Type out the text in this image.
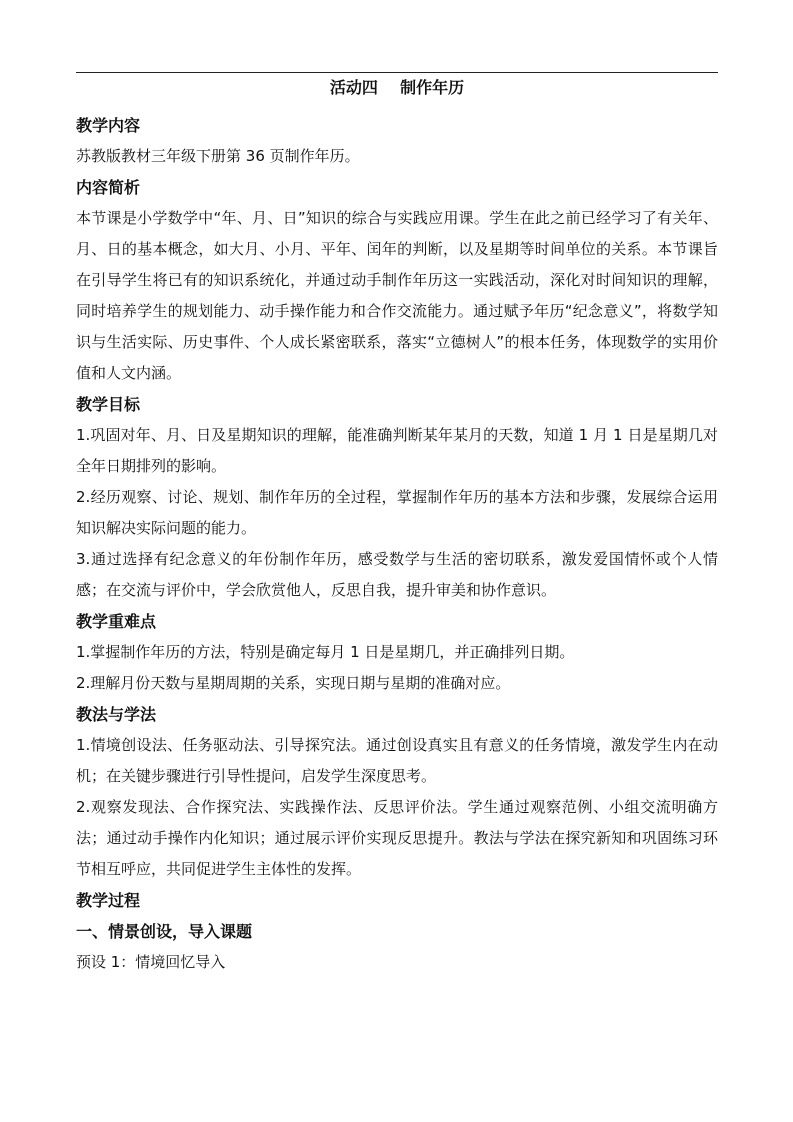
活动四    制作年历
教学内容

苏教版教材三年级下册第 36 页制作年历。

内容简析

本节课是小学数学中“年、月、日”知识的综合与实践应用课。学生在此之前已经学习了有关年、月、日的基本概念，如大月、小月、平年、闰年的判断，以及星期等时间单位的关系。本节课旨在引导学生将已有的知识系统化，并通过动手制作年历这一实践活动，深化对时间知识的理解，同时培养学生的规划能力、动手操作能力和合作交流能力。通过赋予年历“纪念意义”，将数学知识与生活实际、历史事件、个人成长紧密联系，落实“立德树人”的根本任务，体现数学的实用价值和人文内涵。

教学目标

1.巩固对年、月、日及星期知识的理解，能准确判断某年某月的天数，知道 1 月 1 日是星期几对全年日期排列的影响。

2.经历观察、讨论、规划、制作年历的全过程，掌握制作年历的基本方法和步骤，发展综合运用知识解决实际问题的能力。

3.通过选择有纪念意义的年份制作年历，感受数学与生活的密切联系，激发爱国情怀或个人情感；在交流与评价中，学会欣赏他人，反思自我，提升审美和协作意识。

教学重难点

1.掌握制作年历的方法，特别是确定每月 1 日是星期几，并正确排列日期。

2.理解月份天数与星期周期的关系，实现日期与星期的准确对应。

教法与学法

1.情境创设法、任务驱动法、引导探究法。通过创设真实且有意义的任务情境，激发学生内在动机；在关键步骤进行引导性提问，启发学生深度思考。

2.观察发现法、合作探究法、实践操作法、反思评价法。学生通过观察范例、小组交流明确方法；通过动手操作内化知识；通过展示评价实现反思提升。教法与学法在探究新知和巩固练习环节相互呼应，共同促进学生主体性的发挥。

教学过程
一、情景创设，导入课题

预设 1：情境回忆导入
